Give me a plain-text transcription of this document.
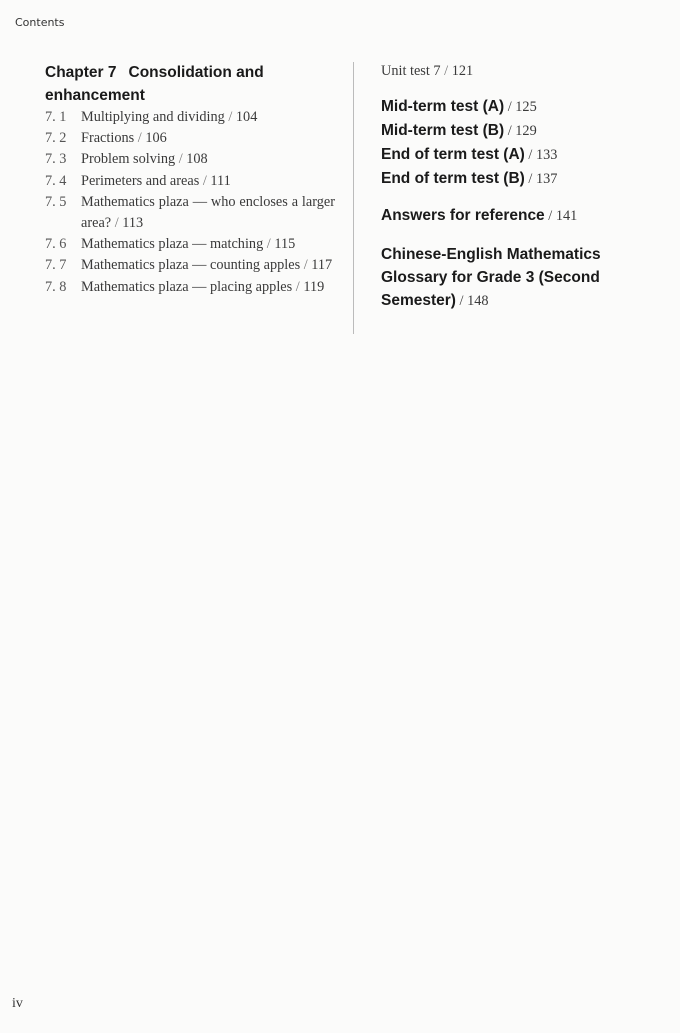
Contents
Chapter 7 Consolidation and enhancement
7. 1	Multiplying and dividing / 104
7. 2	Fractions / 106
7. 3	Problem solving / 108
7. 4	Perimeters and areas / 111
7. 5	Mathematics plaza — who encloses a larger area? / 113
7. 6	Mathematics plaza — matching / 115
7. 7	Mathematics plaza — counting apples / 117
7. 8	Mathematics plaza — placing apples / 119
Unit test 7 / 121
Mid-term test (A) / 125
Mid-term test (B) / 129
End of term test (A) / 133
End of term test (B) / 137
Answers for reference / 141
Chinese-English Mathematics Glossary for Grade 3 (Second Semester) / 148
iv
